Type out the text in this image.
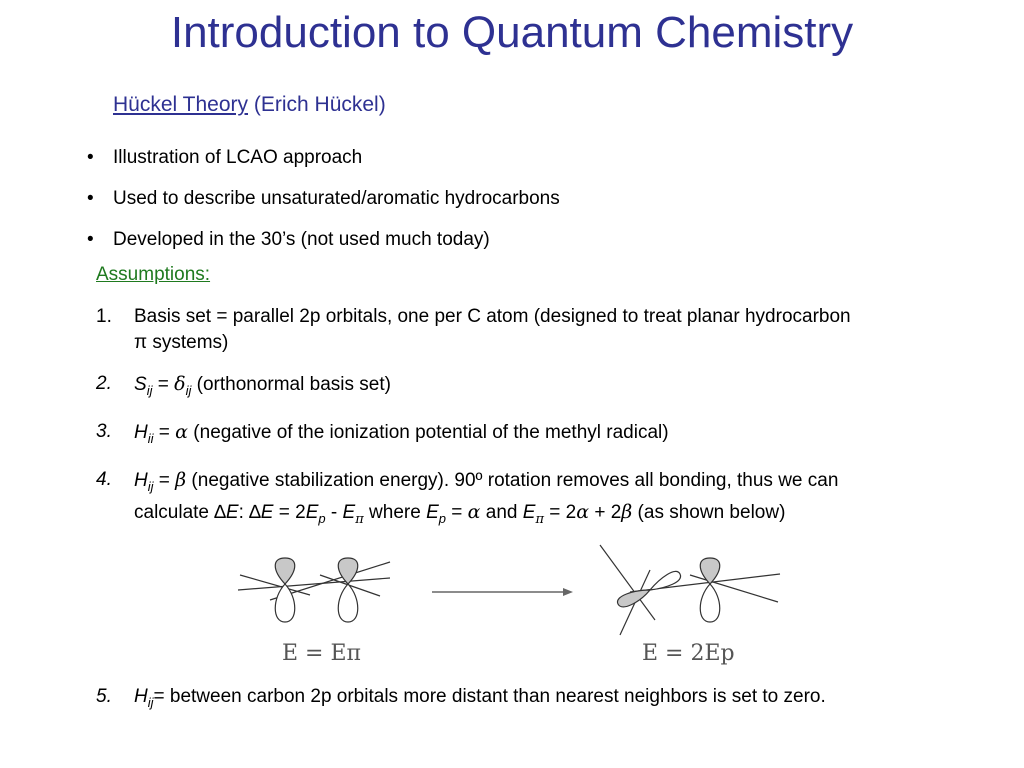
Introduction to Quantum Chemistry
Hückel Theory (Erich Hückel)
•	Illustration of LCAO approach
•	Used to describe unsaturated/aromatic hydrocarbons
•	Developed in the 30’s (not used much today)
Assumptions:
1.	Basis set = parallel 2p orbitals, one per C atom (designed to treat planar hydrocarbon
π systems)
2.	$S_{ij} = \delta_{ij}$ (orthonormal basis set)
3.	$H_{ii} = \alpha$ (negative of the ionization potential of the methyl radical)
4.	$H_{ij} = \beta$ (negative stabilization energy). 90º rotation removes all bonding, thus we can
calculate ∆E: $\Delta E = 2E_p - E_\pi$ where $E_p = \alpha$ and $E_\pi = 2\alpha + 2\beta$ (as shown below)
E = Eπ	E = 2Ep
5.	$H_{ij}=$ between carbon 2p orbitals more distant than nearest neighbors is set to zero.
